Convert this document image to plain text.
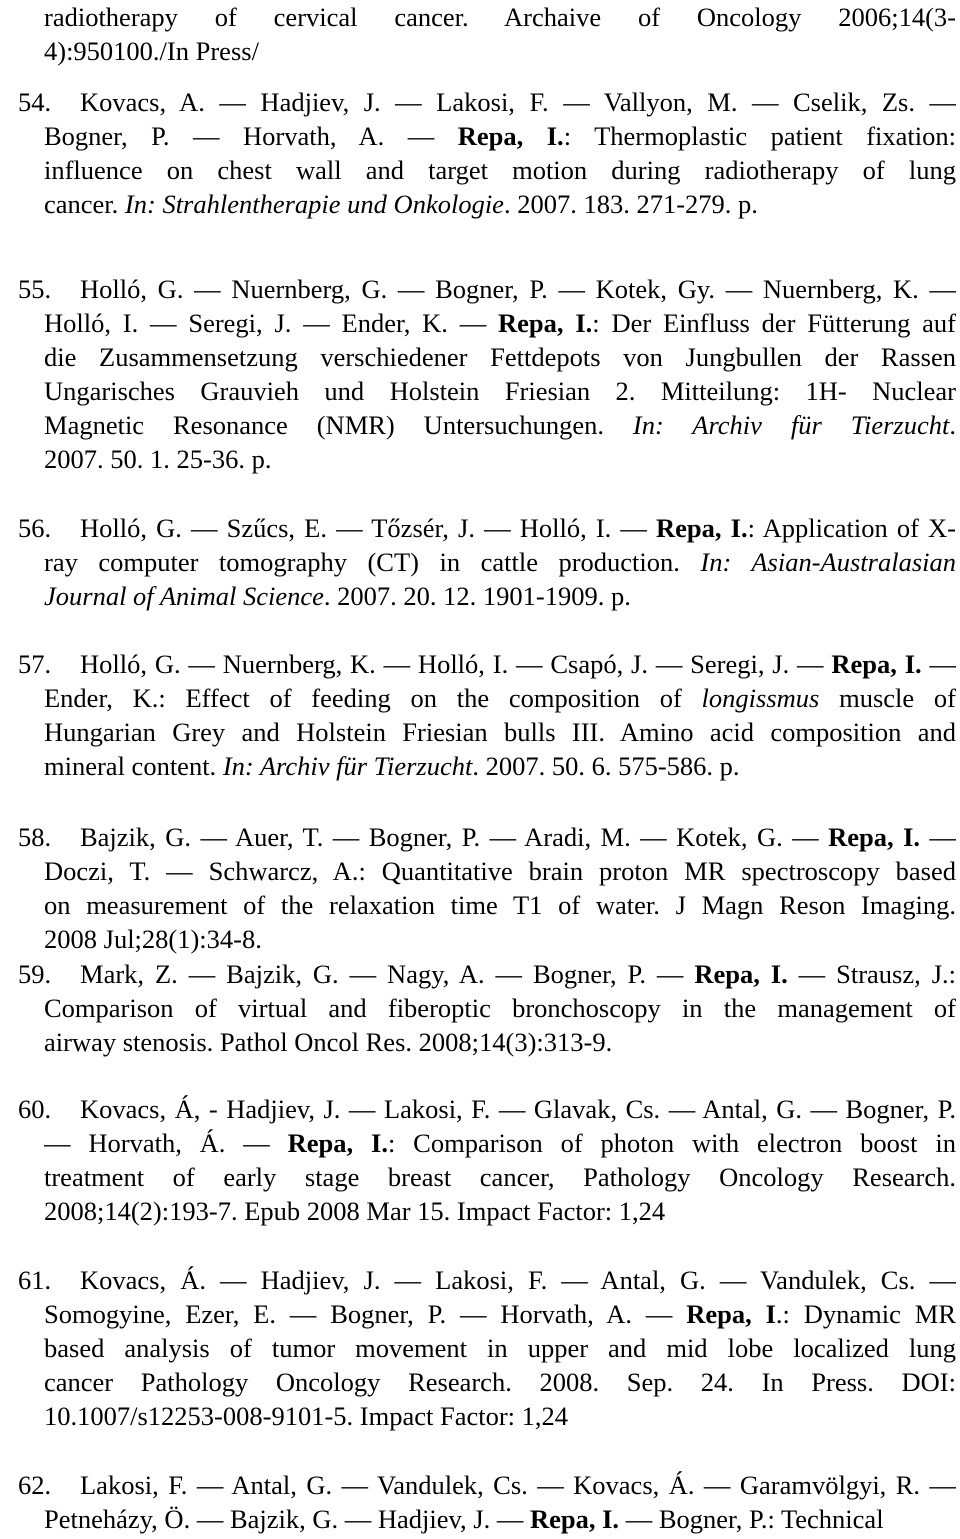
radiotherapy of cervical cancer. Archaive of Oncology 2006;14(3-
4):950100./In Press/
54. Kovacs, A. ― Hadjiev, J. ― Lakosi, F. ― Vallyon, M. ― Cselik, Zs. ―
Bogner, P. ― Horvath, A. ― Repa, I.: Thermoplastic patient fixation:
influence on chest wall and target motion during radiotherapy of lung
cancer. In: Strahlentherapie und Onkologie. 2007. 183. 271-279. p.
55. Holló, G. ― Nuernberg, G. ― Bogner, P. ― Kotek, Gy. ― Nuernberg, K. ―
Holló, I. ― Seregi, J. ― Ender, K. ― Repa, I.: Der Einfluss der Fütterung auf
die Zusammensetzung verschiedener Fettdepots von Jungbullen der Rassen
Ungarisches Grauvieh und Holstein Friesian 2. Mitteilung: 1H- Nuclear
Magnetic Resonance (NMR) Untersuchungen. In: Archiv für Tierzucht.
2007. 50. 1. 25-36. p.
56. Holló, G. ― Szűcs, E. ― Tőzsér, J. ― Holló, I. ― Repa, I.: Application of X-
ray computer tomography (CT) in cattle production. In: Asian-Australasian
Journal of Animal Science. 2007. 20. 12. 1901-1909. p.
57. Holló, G. ― Nuernberg, K. ― Holló, I. ― Csapó, J. ― Seregi, J. ― Repa, I. ―
Ender, K.: Effect of feeding on the composition of longissmus muscle of
Hungarian Grey and Holstein Friesian bulls III. Amino acid composition and
mineral content. In: Archiv für Tierzucht. 2007. 50. 6. 575-586. p.
58. Bajzik, G. ― Auer, T. ― Bogner, P. ― Aradi, M. ― Kotek, G. ― Repa, I. ―
Doczi, T. ― Schwarcz, A.: Quantitative brain proton MR spectroscopy based
on measurement of the relaxation time T1 of water. J Magn Reson Imaging.
2008 Jul;28(1):34-8.
59. Mark, Z. ― Bajzik, G. ― Nagy, A. ― Bogner, P. ― Repa, I. ― Strausz, J.:
Comparison of virtual and fiberoptic bronchoscopy in the management of
airway stenosis. Pathol Oncol Res. 2008;14(3):313-9.
60. Kovacs, Á, - Hadjiev, J. ― Lakosi, F. ― Glavak, Cs. ― Antal, G. ― Bogner, P.
― Horvath, Á. ― Repa, I.: Comparison of photon with electron boost in
treatment of early stage breast cancer, Pathology Oncology Research.
2008;14(2):193-7. Epub 2008 Mar 15. Impact Factor: 1,24
61. Kovacs, Á. ― Hadjiev, J. ― Lakosi, F. ― Antal, G. ― Vandulek, Cs. ―
Somogyine, Ezer, E. ― Bogner, P. ― Horvath, A. ― Repa, I.: Dynamic MR
based analysis of tumor movement in upper and mid lobe localized lung
cancer Pathology Oncology Research. 2008. Sep. 24. In Press. DOI:
10.1007/s12253-008-9101-5. Impact Factor: 1,24
62. Lakosi, F. ― Antal, G. ― Vandulek, Cs. ― Kovacs, Á. ― Garamvölgyi, R. ―
Petneházy, Ö. ― Bajzik, G. ― Hadjiev, J. ― Repa, I. ― Bogner, P.: Technical
